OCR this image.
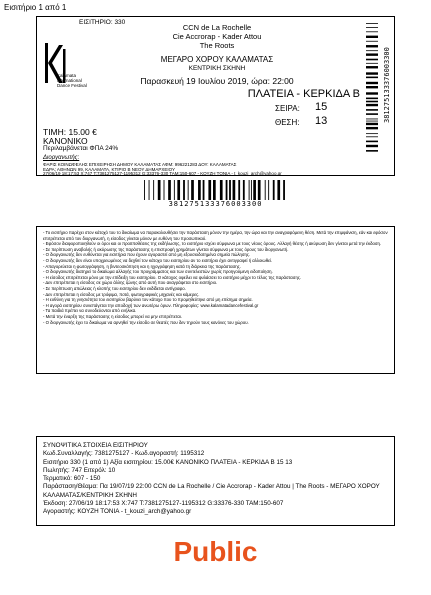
Εισιτήριο 1 από 1
ΕΙΣΙΤΗΡΙΟ: 330
Kalamata International Dance Festival
CCN de La Rochelle
Cie Accrorap - Kader Attou
The Roots
ΜΕΓΑΡΟ ΧΟΡΟΥ ΚΑΛΑΜΑΤΑΣ
ΚΕΝΤΡΙΚΗ ΣΚΗΝΗ
Παρασκευή 19 Ιουλίου 2019, ώρα: 22:00
ΠΛΑΤΕΙΑ - ΚΕΡΚΙΔΑ Β
ΣΕΙΡΑ: 15
ΘΕΣΗ: 13
ΤΙΜΗ: 15.00 €
ΚΑΝΟΝΙΚΟ
Περιλαμβάνεται ΦΠΑ 24%
Διοργανωτής:
ΦΑΡΙΣ ΚΟΙΝΩΦΕΛΗΣ ΕΠΙΧΕΙΡΗΣΗ ΔΗΜΟΥ ΚΑΛΑΜΑΤΑΣ ΑΦΜ: 996221283 ΔΟΥ: ΚΑΛΑΜΑΤΑΣ
ΕΔΡΑ: ΑΘΗΝΩΝ 99, ΚΑΛΑΜΑΤΑ, ΚΤΙΡΙΟ Β ΝΕΟΥ ΔΗΜΑΡΧΕΙΟΥ
27/06/19 18:17:53 X:747 T:7381275127-1195312 G:33376-330 TAM:150-607 - ΚΟΥΖΗ ΤΟΝΙΑ - t_kouzi_arch@yahoo.gr
381275133376003300
381275133376003300

- Το εισιτήριο παρέχει στον κάτοχό του το δικαίωμα να παρακολουθήσει την παράσταση μόνον την ημέρα, την ώρα και την αναγραφόμενη θέση. Μετά την επιμφάνιση, εάν και εφόσον επιτρέπεται από τον διοργανωτή, η είσοδος γίνεται μόνον με ευθύνη του προσωπικού.

- Εφόσον διαφοροποιηθούν οι όροι και οι προϋποθέσεις της εκδήλωσης, το εισιτήριο ισχύει σύμφωνα με τους νέους όρους. Αλλαγή θέσης ή ακύρωση δεν γίνεται μετά την έκδοση.

- Σε περίπτωση αναβολής ή ακύρωσης της παράστασης η επιστροφή χρημάτων γίνεται σύμφωνα με τους όρους του διοργανωτή.

- Ο διοργανωτής δεν ευθύνεται για εισιτήρια που έχουν αγοραστεί από μη εξουσιοδοτημένα σημεία πώλησης.

- Ο διοργανωτής δεν είναι υποχρεωμένος να δεχθεί τον κάτοχο του εισιτηρίου αν το εισιτήριο έχει αντιγραφεί ή αλλοιωθεί.

- Απαγορεύεται η φωτογράφηση, η βιντεοσκόπηση και η ηχογράφηση κατά τη διάρκεια της παράστασης.

- Ο διοργανωτής διατηρεί το δικαίωμα αλλαγής του προγράμματος και των συντελεστών χωρίς προηγούμενη ειδοποίηση.

- Η είσοδος επιτρέπεται μόνο με την επίδειξη του εισιτηρίου. Ο κάτοχος οφείλει να φυλάσσει το εισιτήριο μέχρι το τέλος της παράστασης.

- Δεν επιτρέπεται η είσοδος σε χώρο άλλης ζώνης από αυτή που αναγράφεται στο εισιτήριο.

- Σε περίπτωση απώλειας ή κλοπής του εισιτηρίου δεν εκδίδεται αντίγραφο.

- Δεν επιτρέπεται η είσοδος με τρόφιμα, ποτά, φωτογραφικές μηχανές και κάμερες.

- Η ευθύνη για τη γνησιότητα του εισιτηρίου βαρύνει τον κάτοχο που το προμηθεύτηκε από μη επίσημα σημεία.

- Η αγορά εισιτηρίου συνεπάγεται την αποδοχή των ανωτέρω όρων. Πληροφορίες: www.kalamatadancefestival.gr

- Τα παιδιά πρέπει να συνοδεύονται από ενήλικα.

- Μετά την έναρξη της παράστασης η είσοδος μπορεί να μην επιτρέπεται.

- Ο διοργανωτής έχει το δικαίωμα να αρνηθεί την είσοδο σε θεατές που δεν τηρούν τους κανόνες του χώρου.

ΣΥΝΟΨΙΤΙΚΑ ΣΤΟΙΧΕΙΑ ΕΙΣΙΤΗΡΙΟΥ
Κωδ.Συναλλαγής: 7381275127 - Κωδ.αγοραστή: 1195312
Εισιτήριο 330 (1 από 1) Αξία εισιτηρίου: 15.00€ ΚΑΝΟΝΙΚΟ ΠΛΑΤΕΙΑ - ΚΕΡΚΙΔΑ Β 15 13
Πωλητής: 747 Ειτερόλ: 10
Τερματικό: 607 - 150
Παράσταση/Θέαμα: Πα 19/07/19 22:00 CCN de La Rochelle / Cie Accrorap - Kader Attou | The Roots - ΜΕΓΑΡΟ ΧΟΡΟΥ
ΚΑΛΑΜΑΤΑΣ/ΚΕΝΤΡΙΚΗ ΣΚΗΝΗ
Έκδοση: 27/06/19 18:17:53 X:747 T:7381275127-1195312 G:33376-330 TAM:150-607
Αγοραστής: ΚΟΥΖΗ ΤΟΝΙΑ - t_kouzi_arch@yahoo.gr
Public
